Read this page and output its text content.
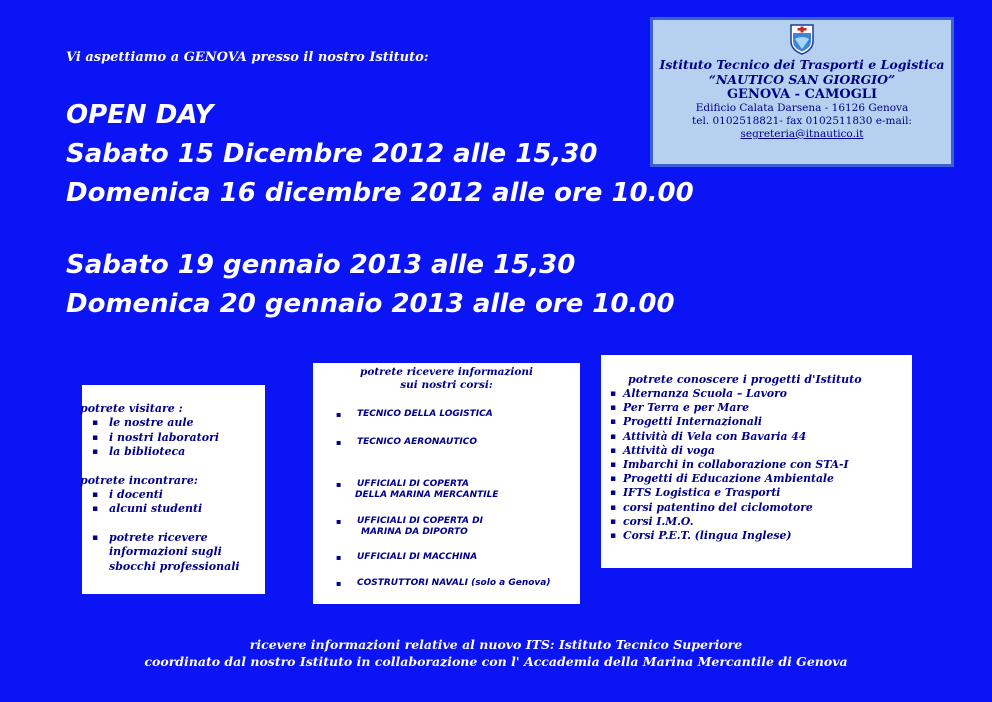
Vi aspettiamo a GENOVA presso il nostro Istituto:
OPEN DAY
Sabato 15 Dicembre 2012 alle 15,30
Domenica 16 dicembre 2012 alle ore 10.00
Sabato 19 gennaio 2013 alle 15,30
Domenica 20 gennaio 2013 alle ore 10.00
Istituto Tecnico dei Trasporti e Logistica
“NAUTICO SAN GIORGIO”
GENOVA - CAMOGLI
Edificio Calata Darsena - 16126 Genova
tel. 0102518821- fax 0102511830 e-mail:
segreteria@itnautico.it
potrete visitare :
▪ le nostre aule
▪ i nostri laboratori
▪ la biblioteca
potrete incontrare:
▪ i docenti
▪ alcuni studenti
▪ potrete ricevere
informazioni sugli
sbocchi professionali
potrete ricevere informazioni
sui nostri corsi:
▪ TECNICO DELLA LOGISTICA
▪ TECNICO AERONAUTICO
▪ UFFICIALI DI COPERTA
DELLA MARINA MERCANTILE
▪ UFFICIALI DI COPERTA DI
MARINA DA DIPORTO
▪ UFFICIALI DI MACCHINA
▪ COSTRUTTORI NAVALI (solo a Genova)
potrete conoscere i progetti d'Istituto
▪ Alternanza Scuola – Lavoro
▪ Per Terra e per Mare
▪ Progetti Internazionali
▪ Attività di Vela con Bavaria 44
▪ Attività di voga
▪ Imbarchi in collaborazione con STA-I
▪ Progetti di Educazione Ambientale
▪ IFTS Logistica e Trasporti
▪ corsi patentino del ciclomotore
▪ corsi I.M.O.
▪ Corsi P.E.T. (lingua Inglese)
ricevere informazioni relative al nuovo ITS: Istituto Tecnico Superiore
coordinato dal nostro Istituto in collaborazione con l' Accademia della Marina Mercantile di Genova
